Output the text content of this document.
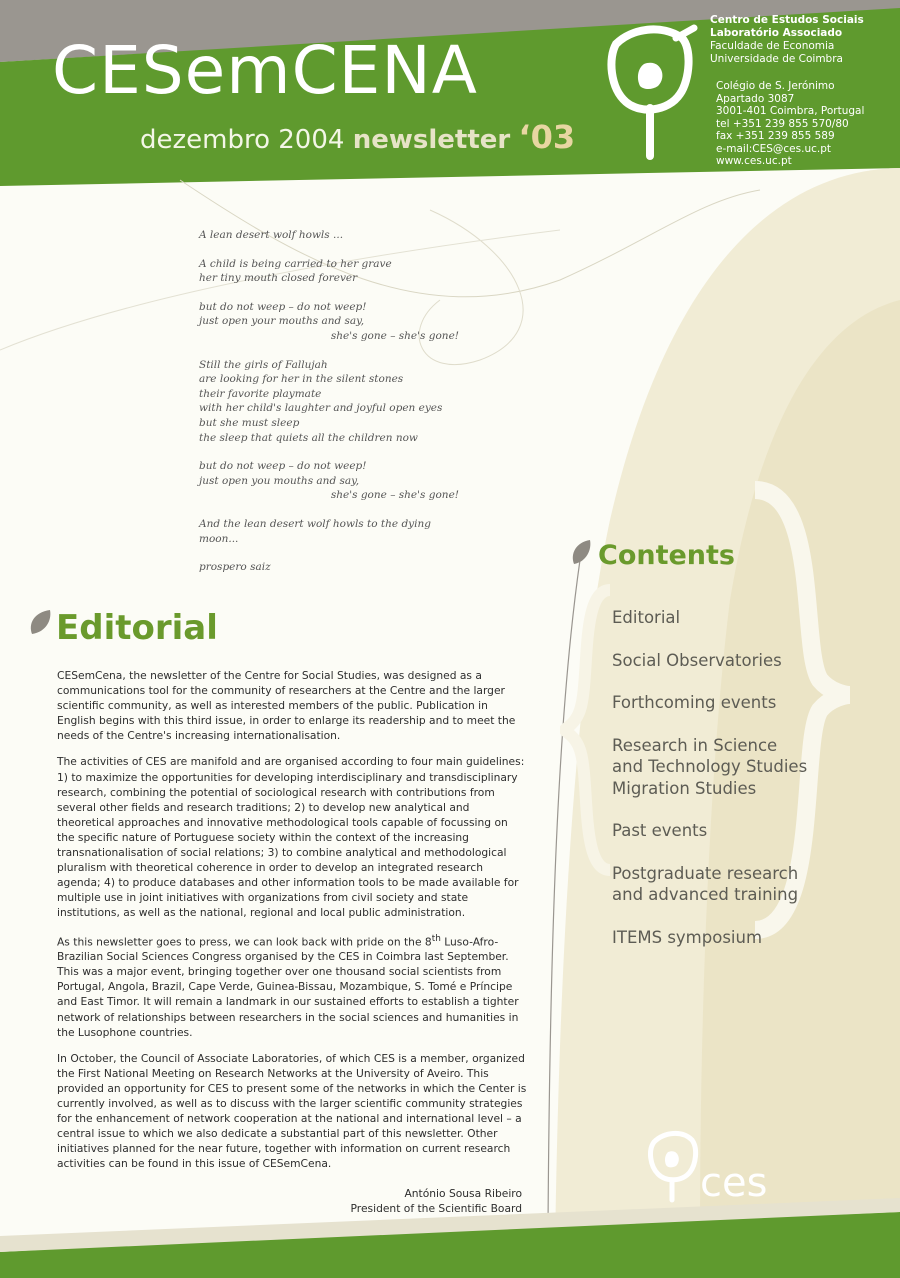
CESemCENA
dezembro 2004 newsletter ‘03
Centro de Estudos Sociais
Laboratório Associado
Faculdade de Economia
Universidade de Coimbra
Colégio de S. Jerónimo
Apartado 3087
3001-401 Coimbra, Portugal
tel +351 239 855 570/80
fax +351 239 855 589
e-mail:CES@ces.uc.pt
www.ces.uc.pt
A lean desert wolf howls ...
A child is being carried to her grave
her tiny mouth closed forever
but do not weep – do not weep!
just open your mouths and say,
she's gone – she's gone!
Still the girls of Fallujah
are looking for her in the silent stones
their favorite playmate
with her child's laughter and joyful open eyes
but she must sleep
the sleep that quiets all the children now
but do not weep – do not weep!
just open you mouths and say,
she's gone – she's gone!
And the lean desert wolf howls to the dying moon...
prospero saiz	Contents
Editorial
Social Observatories
Forthcoming events
Research in Science
and Technology Studies
Migration Studies
Past events
Postgraduate research
and advanced training
ITEMS symposium
Editorial

CESemCena, the newsletter of the Centre for Social Studies, was designed as a communications tool for the community of researchers at the Centre and the larger scientific community, as well as interested members of the public. Publication in English begins with this third issue, in order to enlarge its readership and to meet the needs of the Centre's increasing internationalisation.

The activities of CES are manifold and are organised according to four main guidelines: 1) to maximize the opportunities for developing interdisciplinary and transdisciplinary research, combining the potential of sociological research with contributions from several other fields and research traditions; 2) to develop new analytical and theoretical approaches and innovative methodological tools capable of focussing on the specific nature of Portuguese society within the context of the increasing transnationalisation of social relations; 3) to combine analytical and methodological pluralism with theoretical coherence in order to develop an integrated research agenda; 4) to produce databases and other information tools to be made available for multiple use in joint initiatives with organizations from civil society and state institutions, as well as the national, regional and local public administration.

As this newsletter goes to press, we can look back with pride on the 8th Luso-Afro-Brazilian Social Sciences Congress organised by the CES in Coimbra last September. This was a major event, bringing together over one thousand social scientists from Portugal, Angola, Brazil, Cape Verde, Guinea-Bissau, Mozambique, S. Tomé e Príncipe and East Timor. It will remain a landmark in our sustained efforts to establish a tighter network of relationships between researchers in the social sciences and humanities in the Lusophone countries.

In October, the Council of Associate Laboratories, of which CES is a member, organized the First National Meeting on Research Networks at the University of Aveiro. This provided an opportunity for CES to present some of the networks in which the Center is currently involved, as well as to discuss with the larger scientific community strategies for the enhancement of network cooperation at the national and international level – a central issue to which we also dedicate a substantial part of this newsletter. Other initiatives planned for the near future, together with information on current research activities can be found in this issue of CESemCena.

António Sousa Ribeiro
President of the Scientific Board
ces
